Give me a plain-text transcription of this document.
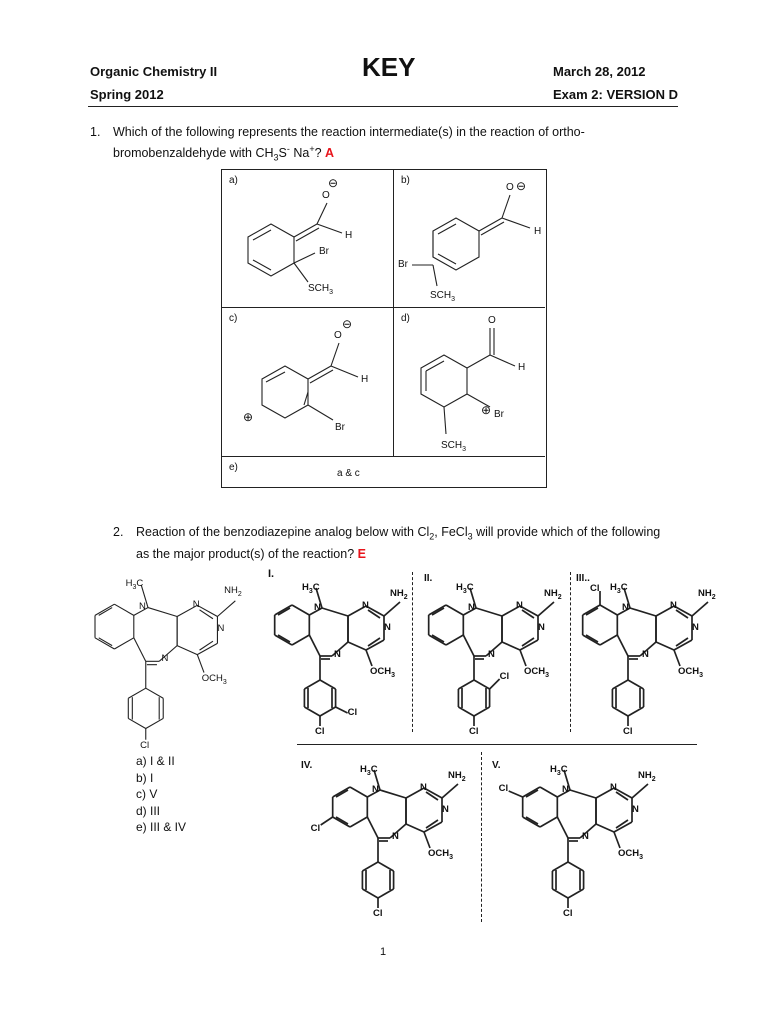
Organic Chemistry II
Spring 2012
KEY	March 28, 2012
Exam 2: VERSION D
1. Which of the following represents the reaction intermediate(s) in the reaction of ortho-
bromobenzaldehyde with $CH_3S^-$ Na+? A
a)	b)
c)	d)
e)
a & c
O
⊖
H
Br
$SCH_3$
O ⊖
H
Br
$SCH_3$
O
⊖
H
⊕
Br
O
H
⊕ Br
$SCH_3$
2. Reaction of the benzodiazepine analog below with $Cl_2$, FeCl$_3$ will provide which of the following
as the major product(s) of the reaction? E
N	N
N
N
$H_3C$
$NH_2$
$OCH_3$
Cl
N	N
N
N
$H_3C$
$NH_2$
$OCH_3$
Cl
Cl
N	N
N
N
$H_3C$
$NH_2$
$OCH_3$
Cl
Cl
N	N
N
N
$H_3C$
$NH_2$
$OCH_3$
Cl
Cl
N	N
N
N
$H_3C$
$NH_2$
$OCH_3$
Cl
Cl
N	N
N
N
$H_3C$
$NH_2$
$OCH_3$
Cl
Cl
I.	II.	III..
IV.	V.
a) I & II
b) I
c) V
d) III
e) III & IV
1
